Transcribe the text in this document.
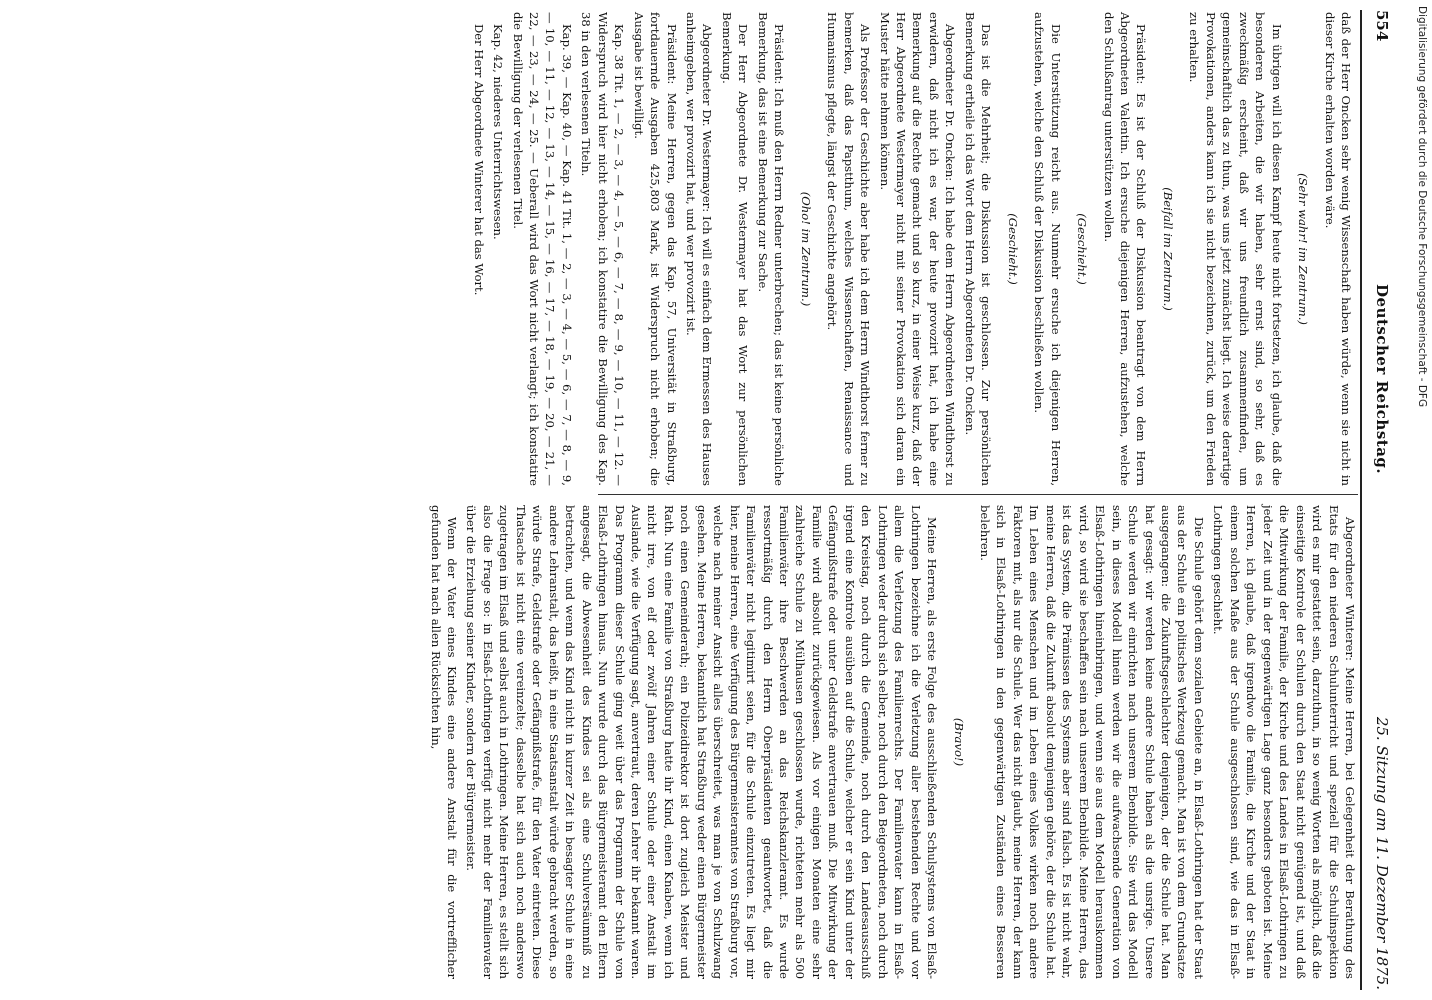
554
Deutscher Reichstag.
25. Sitzung am 11. Dezember 1875.

daß der Herr Oncken sehr wenig Wissenschaft haben würde, wenn sie nicht in dieser Kirche erhalten worden wäre.

(Sehr wahr! im Zentrum.)

Im übrigen will ich diesen Kampf heute nicht fortsetzen, ich glaube, daß die besonderen Arbeiten, die wir haben, sehr ernst sind, so sehr, daß es zweckmäßig erscheint, daß wir uns freundlich zusammenfinden, um gemeinschaftlich das zu thun, was uns jetzt zunächst liegt. Ich weise derartige Provokationen, anders kann ich sie nicht bezeichnen, zurück, um den Frieden zu erhalten.

(Beifall im Zentrum.)

Präsident: Es ist der Schluß der Diskussion beantragt von dem Herrn Abgeordneten Valentin. Ich ersuche diejenigen Herren, aufzustehen, welche den Schlußantrag unterstützen wollen.

(Geschieht.)

Die Unterstützung reicht aus. Nunmehr ersuche ich diejenigen Herren, aufzustehen, welche den Schluß der Diskussion beschließen wollen.

(Geschieht.)

Das ist die Mehrheit; die Diskussion ist geschlossen. Zur persönlichen Bemerkung ertheile ich das Wort dem Herrn Abgeordneten Dr. Oncken.

Abgeordneter Dr. Oncken: Ich habe dem Herrn Abgeordneten Windthorst zu erwidern, daß nicht ich es war, der heute provozirt hat, ich habe eine Bemerkung auf die Rechte gemacht und so kurz, in einer Weise kurz, daß der Herr Abgeordnete Westermayer nicht mit seiner Provokation sich daran ein Muster hätte nehmen können.

Als Professor der Geschichte aber habe ich dem Herrn Windthorst ferner zu bemerken, daß das Papstthum, welches Wissenschaften, Renaissance und Humanismus pflegte, längst der Geschichte angehört.

(Oho! im Zentrum.)

Präsident: Ich muß den Herrn Redner unterbrechen; das ist keine persönliche Bemerkung, das ist eine Bemerkung zur Sache.

Der Herr Abgeordnete Dr. Westermayer hat das Wort zur persönlichen Bemerkung.

Abgeordneter Dr. Westermayer: Ich will es einfach dem Ermessen des Hauses anheimgeben, wer provozirt hat, und wer provozirt ist.

Präsident: Meine Herren, gegen das Kap. 57, Universität in Straßburg, fortdauernde Ausgaben 425,803 Mark, ist Widerspruch nicht erhoben; die Ausgabe ist bewilligt.

Kap. 38 Tit. 1, — 2, — 3, — 4, — 5, — 6, — 7, — 8, — 9, — 10, — 11, — 12. — Widerspruch wird hier nicht erhoben; ich konstatire die Bewilligung des Kap. 38 in den verlesenen Titeln.

Kap. 39, — Kap. 40, — Kap. 41 Tit. 1, — 2, — 3, — 4, — 5, — 6, — 7, — 8, — 9, — 10, — 11, — 12, — 13, — 14, — 15, — 16, — 17, — 18, — 19, — 20, — 21, — 22, — 23, — 24, — 25. — Ueberall wird das Wort nicht verlangt; ich konstatire die Bewilligung der verlesenen Titel.

Kap. 42, niederes Unterrichtswesen.

Der Herr Abgeordnete Winterer hat das Wort.

Abgeordneter Winterer: Meine Herren, bei Gelegenheit der Berathung des Etats für den niederen Schulunterricht und speziell für die Schulinspektion wird es mir gestattet sein, darzuthun, in so wenig Worten als möglich, daß die einseitige Kontrole der Schulen durch den Staat nicht genügend ist, und daß die Mitwirkung der Familie, der Kirche und des Landes in Elsaß-Lothringen zu jeder Zeit und in der gegenwärtigen Lage ganz besonders geboten ist. Meine Herren, ich glaube, daß irgendwo die Familie, die Kirche und der Staat in einem solchen Maße aus der Schule ausgeschlossen sind, wie das in Elsaß-Lothringen geschieht.

Die Schule gehört dem sozialen Gebiete an, in Elsaß-Lothringen hat der Staat aus der Schule ein politisches Werkzeug gemacht. Man ist von dem Grundsatze ausgegangen: die Zukunftsgeschlechter denjenigen, der die Schule hat. Man hat gesagt: wir werden keine andere Schule haben als die unsrige. Unsere Schule werden wir einrichten nach unserem Ebenbilde. Sie wird das Modell sein, in dieses Modell hinein werden wir die aufwachsende Generation von Elsaß-Lothringen hineinbringen, und wenn sie aus dem Modell herauskommen wird, so wird sie beschaffen sein nach unserem Ebenbilde. Meine Herren, das ist das System, die Prämissen des Systems aber sind falsch. Es ist nicht wahr, meine Herren, daß die Zukunft absolut demjenigen gehöre, der die Schule hat. Im Leben eines Menschen und im Leben eines Volkes wirken noch andere Faktoren mit, als nur die Schule. Wer das nicht glaubt, meine Herren, der kann sich in Elsaß-Lothringen in den gegenwärtigen Zuständen eines Besseren belehren.

(Bravo!)

Meine Herren, als erste Folge des ausschließenden Schulsystems von Elsaß-Lothringen bezeichne ich die Verletzung aller bestehenden Rechte und vor allem die Verletzung des Familienrechts. Der Familienvater kann in Elsaß-Lothringen weder durch sich selber, noch durch den Beigeordneten, noch durch den Kreistag, noch durch die Gemeinde, noch durch den Landesausschuß irgend eine Kontrole ausüben auf die Schule, welcher er sein Kind unter der Gefängnißstrafe oder unter Geldstrafe anvertrauen muß. Die Mitwirkung der Familie wird absolut zurückgewiesen. Als vor einigen Monaten eine sehr zahlreiche Schule zu Mülhausen geschlossen wurde, richteten mehr als 500 Familienväter ihre Beschwerden an das Reichskanzleramt. Es wurde ressortmäßig durch den Herrn Oberpräsidenten geantwortet, daß die Familienväter nicht legitimirt seien, für die Schule einzutreten. Es liegt mir hier, meine Herren, eine Verfügung des Bürgermeisteramtes von Straßburg vor, welche nach meiner Ansicht alles überschreitet, was man je von Schulzwang gesehen. Meine Herren, bekanntlich hat Straßburg weder einen Bürgermeister noch einen Gemeinderath; ein Polizeidirektor ist dort zugleich Meister und Rath. Nun eine Familie von Straßburg hatte ihr Kind, einen Knaben, wenn ich nicht irre, von elf oder zwölf Jahren einer Schule oder einer Anstalt im Auslande, wie die Verfügung sagt, anvertraut, deren Lehrer ihr bekannt waren. Das Programm dieser Schule ging weit über das Programm der Schule von Elsaß-Lothringen hinaus. Nun wurde durch das Bürgermeisteramt den Eltern angesagt, die Abwesenheit des Kindes sei als eine Schulversäumniß zu betrachten, und wenn das Kind nicht in kurzer Zeit in besagter Schule in eine andere Lehranstalt, das heißt, in eine Staatsanstalt würde gebracht werden, so würde Strafe, Geldstrafe oder Gefängnißstrafe, für den Vater eintreten. Diese Thatsache ist nicht eine vereinzelte; dasselbe hat sich auch noch anderswo zugetragen im Elsaß und selbst auch in Lothringen. Meine Herren, es stellt sich also die Frage so: in Elsaß-Lothringen verfügt nicht mehr der Familienvater über die Erziehung seiner Kinder, sondern der Bürgermeister.

Wenn der Vater eines Kindes eine andere Anstalt für die vortrefflicher gefunden hat nach allen Rücksichten hin,

Digitalisierung gefördert durch die Deutsche Forschungsgemeinschaft - DFG
